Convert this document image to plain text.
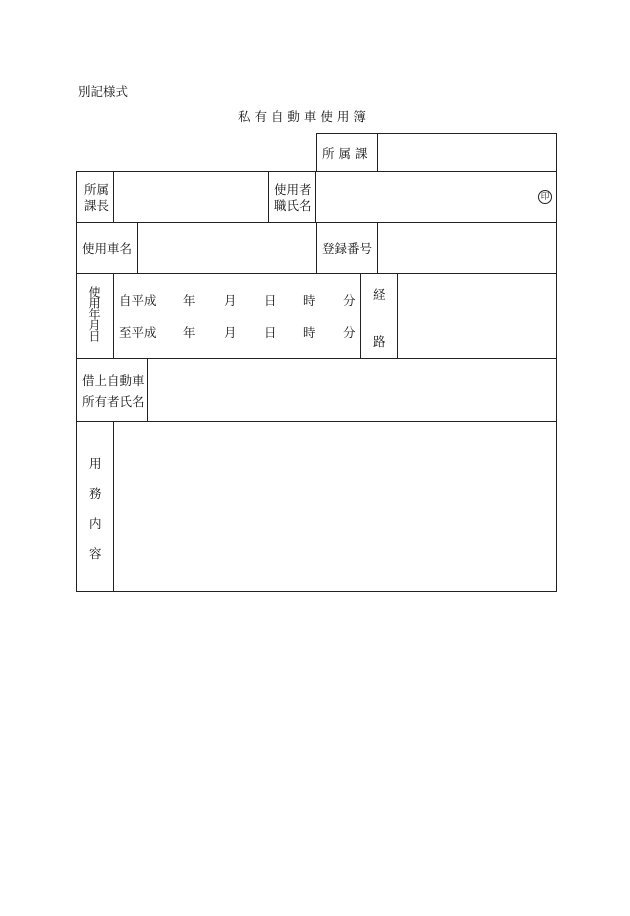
別記様式
私 有 自 動 車 使 用 簿
所 属 課
所属
課長
使用者
職氏名
印
使用車名	登録番号
使用年月日 自平成 年 月 日 時 分
至平成 年 月 日 時 分
経
路
借上自動車
所有者氏名
用
務
内
容
